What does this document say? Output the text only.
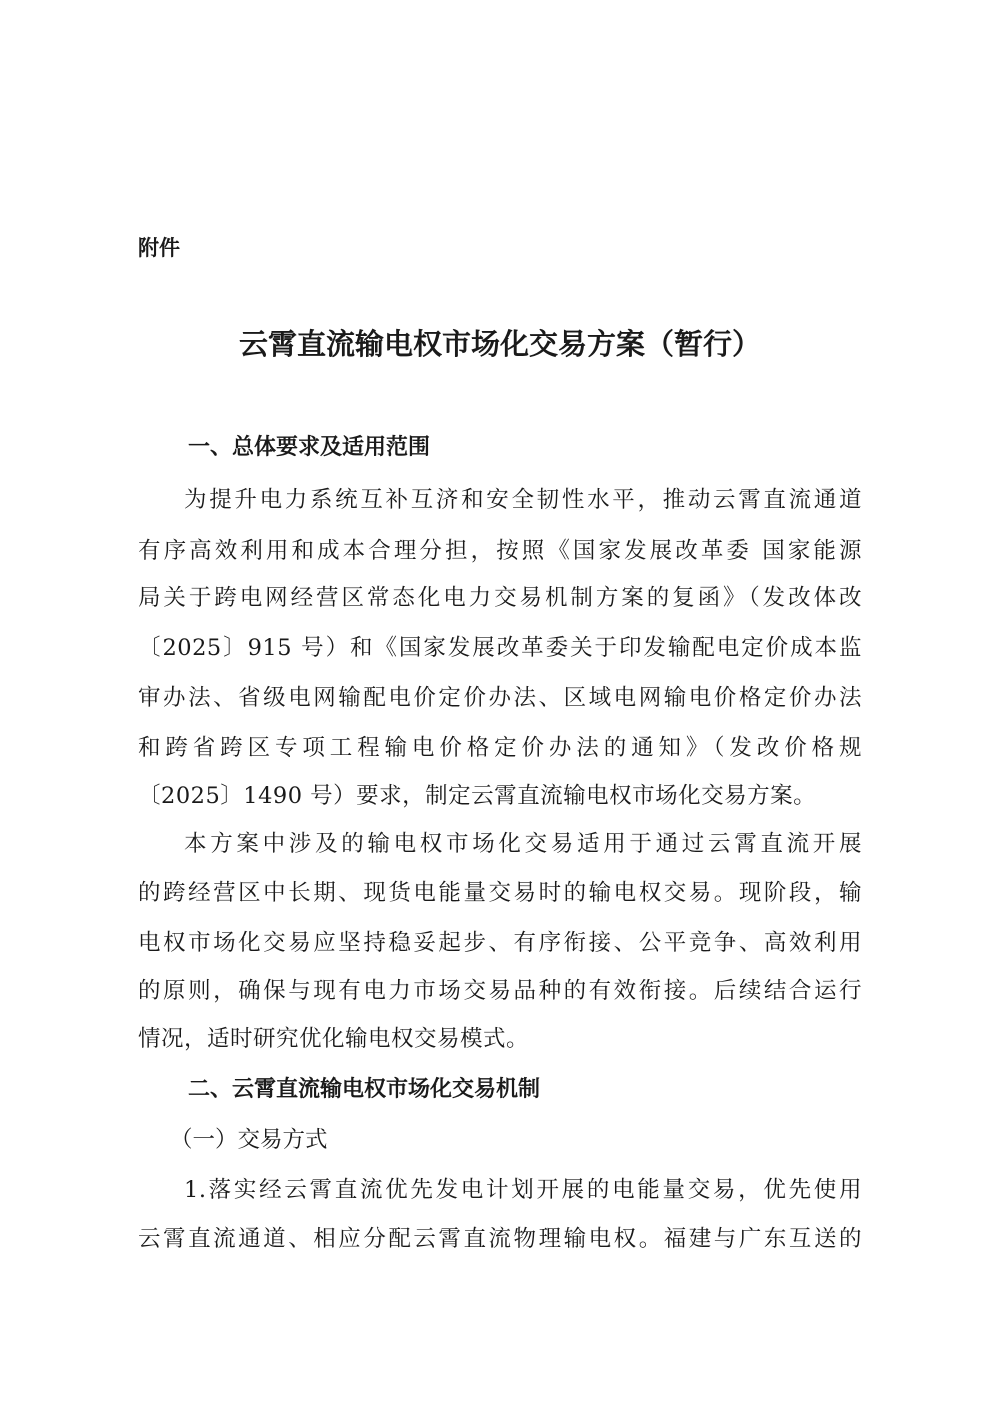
附件
云霄直流输电权市场化交易方案（暂行）
一、总体要求及适用范围
为提升电力系统互补互济和安全韧性水平，推动云霄直流通道
有序高效利用和成本合理分担，按照《国家发展改革委 国家能源
局关于跨电网经营区常态化电力交易机制方案的复函》（发改体改
〔2025〕915 号）和《国家发展改革委关于印发输配电定价成本监
审办法、省级电网输配电价定价办法、区域电网输电价格定价办法
和跨省跨区专项工程输电价格定价办法的通知》（发改价格规
〔2025〕1490 号）要求，制定云霄直流输电权市场化交易方案。
本方案中涉及的输电权市场化交易适用于通过云霄直流开展
的跨经营区中长期、现货电能量交易时的输电权交易。现阶段，输
电权市场化交易应坚持稳妥起步、有序衔接、公平竞争、高效利用
的原则，确保与现有电力市场交易品种的有效衔接。后续结合运行
情况，适时研究优化输电权交易模式。
二、云霄直流输电权市场化交易机制
（一）交易方式
1.落实经云霄直流优先发电计划开展的电能量交易，优先使用
云霄直流通道、相应分配云霄直流物理输电权。福建与广东互送的
